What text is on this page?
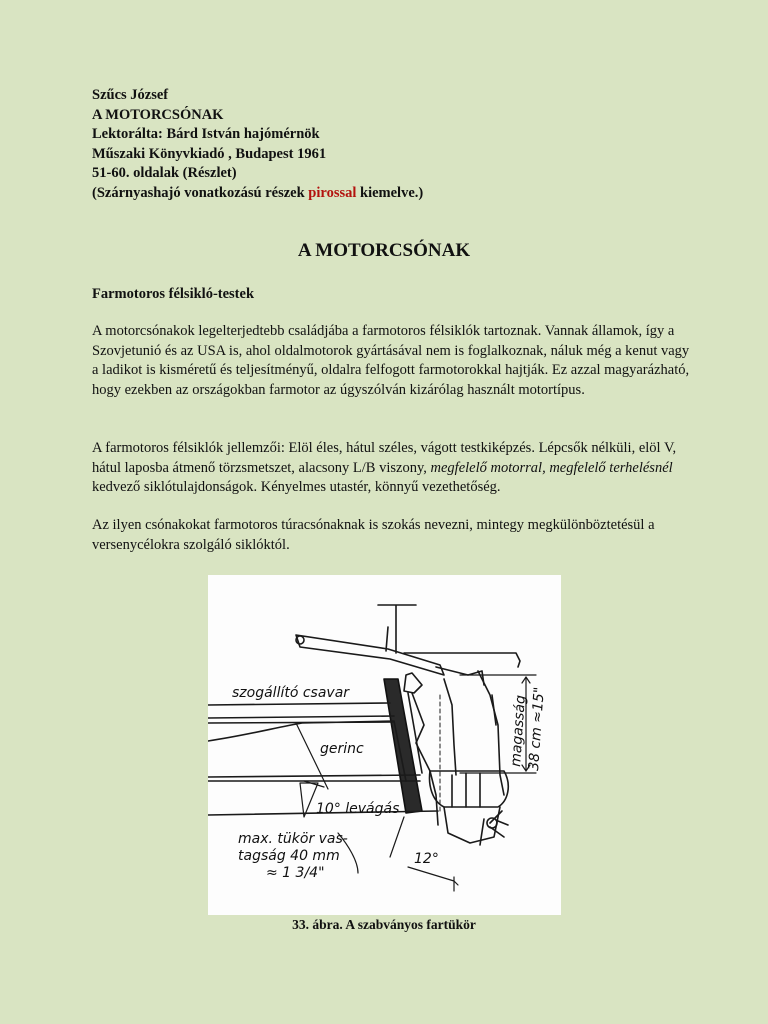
Szűcs József
A MOTORCSÓNAK
Lektorálta: Bárd István hajómérnök
Műszaki Könyvkiadó , Budapest 1961
51-60. oldalak (Részlet)
(Szárnyashajó vonatkozású részek pirossal kiemelve.)
A MOTORCSÓNAK
Farmotoros félsikló-testek
A motorcsónakok legelterjedtebb családjába a farmotoros félsiklók tartoznak. Vannak államok, így a Szovjetunió és az USA is, ahol oldalmotorok gyártásával nem is foglalkoznak, náluk még a kenut vagy a ladikot is kisméretű és teljesítményű, oldalra felfogott farmotorokkal hajtják. Ez azzal magyarázható, hogy ezekben az országokban farmotor az úgyszólván kizárólag használt motortípus.
A farmotoros félsiklók jellemzői: Elöl éles, hátul széles, vágott testkiképzés. Lépcsők nélküli, elöl V, hátul laposba átmenő törzsmetszet, alacsony L/B viszony, megfelelő motorral, megfelelő terhelésnél kedvező siklótulajdonságok. Kényelmes utastér, könnyű vezethetőség.
Az ilyen csónakokat farmotoros túracsónaknak is szokás nevezni, mintegy megkülönböztetésül a versenycélokra szolgáló siklóktól.
szogállító csavar
gerinc
10° levágás
magasság
38 cm ≈15"
max. tükör vas-
tagság 40 mm
≈ 1 3/4"
12°
33. ábra. A szabványos fartükör
